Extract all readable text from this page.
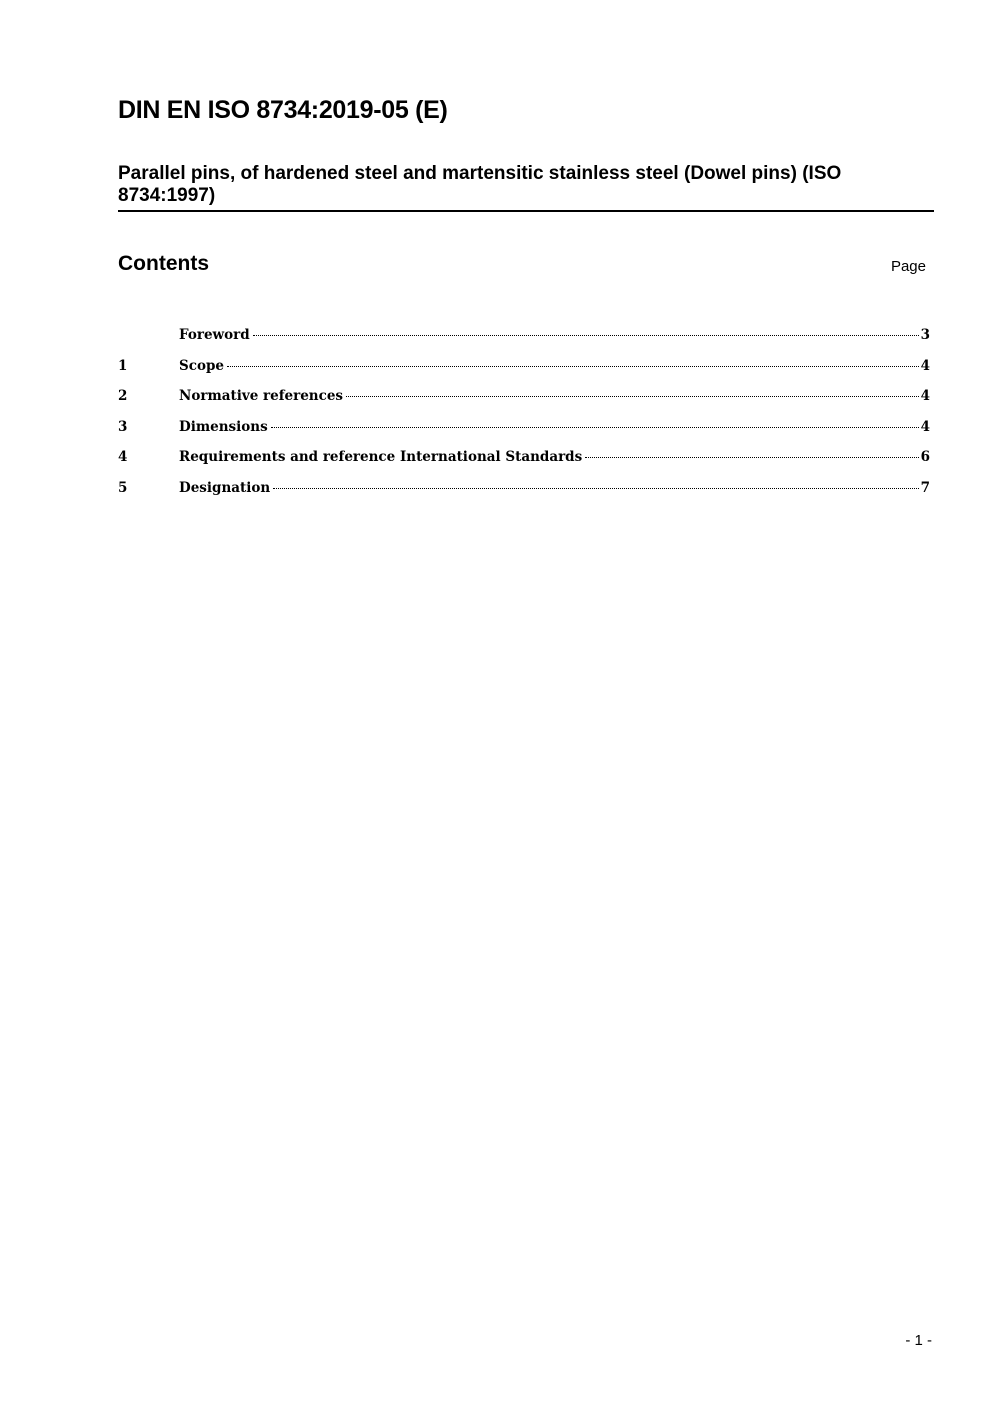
DIN EN ISO 8734:2019-05 (E)
Parallel pins, of hardened steel and martensitic stainless steel (Dowel pins) (ISO 8734:1997)
Contents	Page
Foreword	3
1	Scope	4
2	Normative references	4
3	Dimensions	4
4	Requirements and reference International Standards	6
5	Designation	7
- 1 -
